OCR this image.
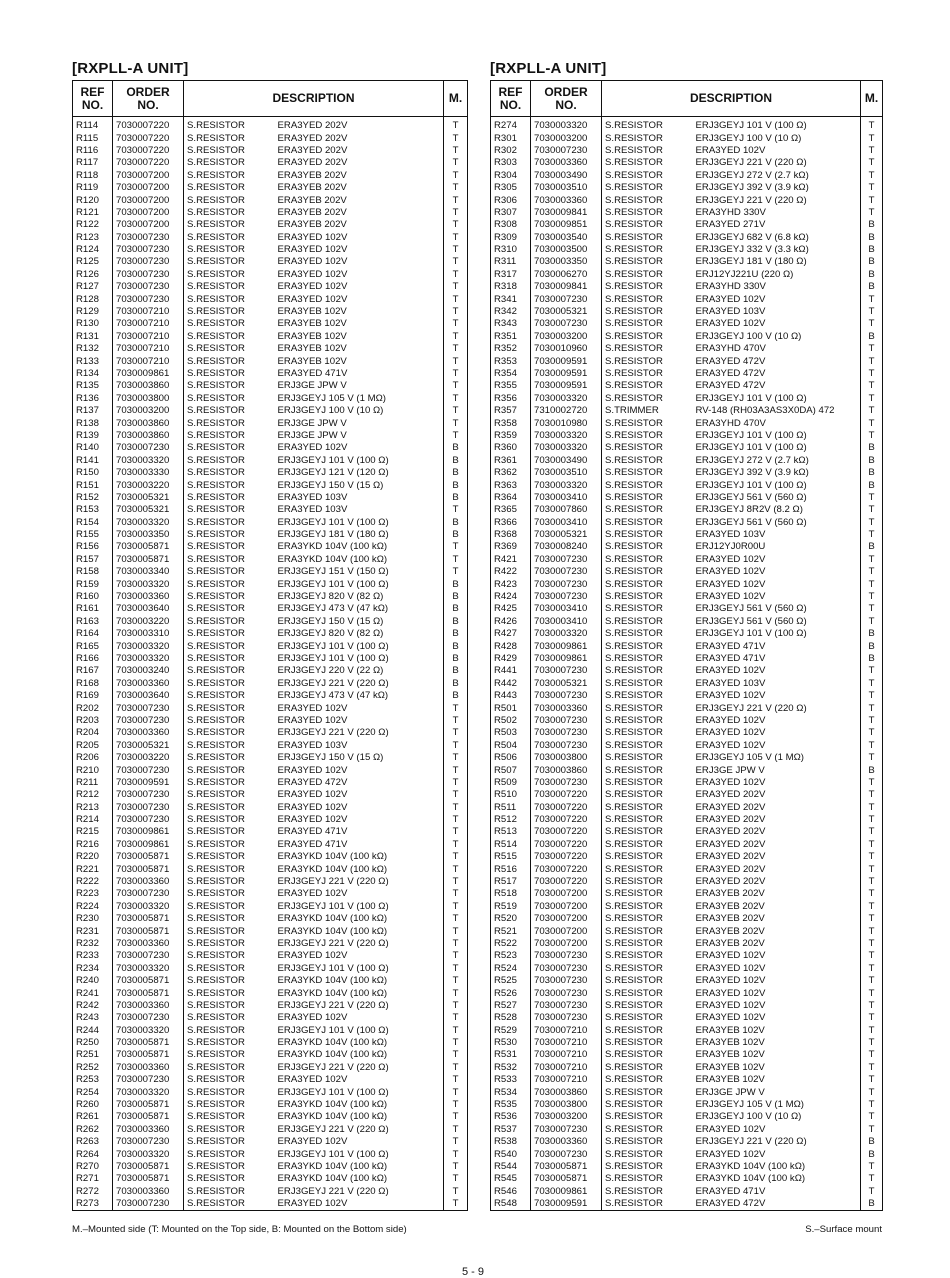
[RXPLL-A UNIT]	[RXPLL-A UNIT]
REF
NO.	ORDER
NO.	DESCRIPTION		M.
R114	7030007220	S.RESISTOR	ERA3YED 202V	T
R115	7030007220	S.RESISTOR	ERA3YED 202V	T
R116	7030007220	S.RESISTOR	ERA3YED 202V	T
R117	7030007220	S.RESISTOR	ERA3YED 202V	T
R118	7030007200	S.RESISTOR	ERA3YEB 202V	T
R119	7030007200	S.RESISTOR	ERA3YEB 202V	T
R120	7030007200	S.RESISTOR	ERA3YEB 202V	T
R121	7030007200	S.RESISTOR	ERA3YEB 202V	T
R122	7030007200	S.RESISTOR	ERA3YEB 202V	T
R123	7030007230	S.RESISTOR	ERA3YED 102V	T
R124	7030007230	S.RESISTOR	ERA3YED 102V	T
R125	7030007230	S.RESISTOR	ERA3YED 102V	T
R126	7030007230	S.RESISTOR	ERA3YED 102V	T
R127	7030007230	S.RESISTOR	ERA3YED 102V	T
R128	7030007230	S.RESISTOR	ERA3YED 102V	T
R129	7030007210	S.RESISTOR	ERA3YEB 102V	T
R130	7030007210	S.RESISTOR	ERA3YEB 102V	T
R131	7030007210	S.RESISTOR	ERA3YEB 102V	T
R132	7030007210	S.RESISTOR	ERA3YEB 102V	T
R133	7030007210	S.RESISTOR	ERA3YEB 102V	T
R134	7030009861	S.RESISTOR	ERA3YED 471V	T
R135	7030003860	S.RESISTOR	ERJ3GE JPW V	T
R136	7030003800	S.RESISTOR	ERJ3GEYJ 105 V (1 MΩ)	T
R137	7030003200	S.RESISTOR	ERJ3GEYJ 100 V (10 Ω)	T
R138	7030003860	S.RESISTOR	ERJ3GE JPW V	T
R139	7030003860	S.RESISTOR	ERJ3GE JPW V	T
R140	7030007230	S.RESISTOR	ERA3YED 102V	B
R141	7030003320	S.RESISTOR	ERJ3GEYJ 101 V (100 Ω)	B
R150	7030003330	S.RESISTOR	ERJ3GEYJ 121 V (120 Ω)	B
R151	7030003220	S.RESISTOR	ERJ3GEYJ 150 V (15 Ω)	B
R152	7030005321	S.RESISTOR	ERA3YED 103V	B
R153	7030005321	S.RESISTOR	ERA3YED 103V	T
R154	7030003320	S.RESISTOR	ERJ3GEYJ 101 V (100 Ω)	B
R155	7030003350	S.RESISTOR	ERJ3GEYJ 181 V (180 Ω)	B
R156	7030005871	S.RESISTOR	ERA3YKD 104V (100 kΩ)	T
R157	7030005871	S.RESISTOR	ERA3YKD 104V (100 kΩ)	T
R158	7030003340	S.RESISTOR	ERJ3GEYJ 151 V (150 Ω)	T
R159	7030003320	S.RESISTOR	ERJ3GEYJ 101 V (100 Ω)	B
R160	7030003360	S.RESISTOR	ERJ3GEYJ 820 V (82 Ω)	B
R161	7030003640	S.RESISTOR	ERJ3GEYJ 473 V (47 kΩ)	B
R163	7030003220	S.RESISTOR	ERJ3GEYJ 150 V (15 Ω)	B
R164	7030003310	S.RESISTOR	ERJ3GEYJ 820 V (82 Ω)	B
R165	7030003320	S.RESISTOR	ERJ3GEYJ 101 V (100 Ω)	B
R166	7030003320	S.RESISTOR	ERJ3GEYJ 101 V (100 Ω)	B
R167	7030003240	S.RESISTOR	ERJ3GEYJ 220 V (22 Ω)	B
R168	7030003360	S.RESISTOR	ERJ3GEYJ 221 V (220 Ω)	B
R169	7030003640	S.RESISTOR	ERJ3GEYJ 473 V (47 kΩ)	B
R202	7030007230	S.RESISTOR	ERA3YED 102V	T
R203	7030007230	S.RESISTOR	ERA3YED 102V	T
R204	7030003360	S.RESISTOR	ERJ3GEYJ 221 V (220 Ω)	T
R205	7030005321	S.RESISTOR	ERA3YED 103V	T
R206	7030003220	S.RESISTOR	ERJ3GEYJ 150 V (15 Ω)	T
R210	7030007230	S.RESISTOR	ERA3YED 102V	T
R211	7030009591	S.RESISTOR	ERA3YED 472V	T
R212	7030007230	S.RESISTOR	ERA3YED 102V	T
R213	7030007230	S.RESISTOR	ERA3YED 102V	T
R214	7030007230	S.RESISTOR	ERA3YED 102V	T
R215	7030009861	S.RESISTOR	ERA3YED 471V	T
R216	7030009861	S.RESISTOR	ERA3YED 471V	T
R220	7030005871	S.RESISTOR	ERA3YKD 104V (100 kΩ)	T
R221	7030005871	S.RESISTOR	ERA3YKD 104V (100 kΩ)	T
R222	7030003360	S.RESISTOR	ERJ3GEYJ 221 V (220 Ω)	T
R223	7030007230	S.RESISTOR	ERA3YED 102V	T
R224	7030003320	S.RESISTOR	ERJ3GEYJ 101 V (100 Ω)	T
R230	7030005871	S.RESISTOR	ERA3YKD 104V (100 kΩ)	T
R231	7030005871	S.RESISTOR	ERA3YKD 104V (100 kΩ)	T
R232	7030003360	S.RESISTOR	ERJ3GEYJ 221 V (220 Ω)	T
R233	7030007230	S.RESISTOR	ERA3YED 102V	T
R234	7030003320	S.RESISTOR	ERJ3GEYJ 101 V (100 Ω)	T
R240	7030005871	S.RESISTOR	ERA3YKD 104V (100 kΩ)	T
R241	7030005871	S.RESISTOR	ERA3YKD 104V (100 kΩ)	T
R242	7030003360	S.RESISTOR	ERJ3GEYJ 221 V (220 Ω)	T
R243	7030007230	S.RESISTOR	ERA3YED 102V	T
R244	7030003320	S.RESISTOR	ERJ3GEYJ 101 V (100 Ω)	T
R250	7030005871	S.RESISTOR	ERA3YKD 104V (100 kΩ)	T
R251	7030005871	S.RESISTOR	ERA3YKD 104V (100 kΩ)	T
R252	7030003360	S.RESISTOR	ERJ3GEYJ 221 V (220 Ω)	T
R253	7030007230	S.RESISTOR	ERA3YED 102V	T
R254	7030003320	S.RESISTOR	ERJ3GEYJ 101 V (100 Ω)	T
R260	7030005871	S.RESISTOR	ERA3YKD 104V (100 kΩ)	T
R261	7030005871	S.RESISTOR	ERA3YKD 104V (100 kΩ)	T
R262	7030003360	S.RESISTOR	ERJ3GEYJ 221 V (220 Ω)	T
R263	7030007230	S.RESISTOR	ERA3YED 102V	T
R264	7030003320	S.RESISTOR	ERJ3GEYJ 101 V (100 Ω)	T
R270	7030005871	S.RESISTOR	ERA3YKD 104V (100 kΩ)	T
R271	7030005871	S.RESISTOR	ERA3YKD 104V (100 kΩ)	T
R272	7030003360	S.RESISTOR	ERJ3GEYJ 221 V (220 Ω)	T
R273	7030007230	S.RESISTOR	ERA3YED 102V	T
REF
NO.	ORDER
NO.	DESCRIPTION		M.
R274	7030003320	S.RESISTOR	ERJ3GEYJ 101 V (100 Ω)	T
R301	7030003200	S.RESISTOR	ERJ3GEYJ 100 V (10 Ω)	T
R302	7030007230	S.RESISTOR	ERA3YED 102V	T
R303	7030003360	S.RESISTOR	ERJ3GEYJ 221 V (220 Ω)	T
R304	7030003490	S.RESISTOR	ERJ3GEYJ 272 V (2.7 kΩ)	T
R305	7030003510	S.RESISTOR	ERJ3GEYJ 392 V (3.9 kΩ)	T
R306	7030003360	S.RESISTOR	ERJ3GEYJ 221 V (220 Ω)	T
R307	7030009841	S.RESISTOR	ERA3YHD 330V	T
R308	7030009851	S.RESISTOR	ERA3YED 271V	B
R309	7030003540	S.RESISTOR	ERJ3GEYJ 682 V (6.8 kΩ)	B
R310	7030003500	S.RESISTOR	ERJ3GEYJ 332 V (3.3 kΩ)	B
R311	7030003350	S.RESISTOR	ERJ3GEYJ 181 V (180 Ω)	B
R317	7030006270	S.RESISTOR	ERJ12YJ221U (220 Ω)	B
R318	7030009841	S.RESISTOR	ERA3YHD 330V	B
R341	7030007230	S.RESISTOR	ERA3YED 102V	T
R342	7030005321	S.RESISTOR	ERA3YED 103V	T
R343	7030007230	S.RESISTOR	ERA3YED 102V	T
R351	7030003200	S.RESISTOR	ERJ3GEYJ 100 V (10 Ω)	B
R352	7030010960	S.RESISTOR	ERA3YHD 470V	T
R353	7030009591	S.RESISTOR	ERA3YED 472V	T
R354	7030009591	S.RESISTOR	ERA3YED 472V	T
R355	7030009591	S.RESISTOR	ERA3YED 472V	T
R356	7030003320	S.RESISTOR	ERJ3GEYJ 101 V (100 Ω)	T
R357	7310002720	S.TRIMMER	RV-148 (RH03A3AS3X0DA) 472	T
R358	7030010980	S.RESISTOR	ERA3YHD 470V	T
R359	7030003320	S.RESISTOR	ERJ3GEYJ 101 V (100 Ω)	T
R360	7030003320	S.RESISTOR	ERJ3GEYJ 101 V (100 Ω)	B
R361	7030003490	S.RESISTOR	ERJ3GEYJ 272 V (2.7 kΩ)	B
R362	7030003510	S.RESISTOR	ERJ3GEYJ 392 V (3.9 kΩ)	B
R363	7030003320	S.RESISTOR	ERJ3GEYJ 101 V (100 Ω)	B
R364	7030003410	S.RESISTOR	ERJ3GEYJ 561 V (560 Ω)	T
R365	7030007860	S.RESISTOR	ERJ3GEYJ 8R2V (8.2 Ω)	T
R366	7030003410	S.RESISTOR	ERJ3GEYJ 561 V (560 Ω)	T
R368	7030005321	S.RESISTOR	ERA3YED 103V	T
R369	7030008240	S.RESISTOR	ERJ12YJ0R00U	B
R421	7030007230	S.RESISTOR	ERA3YED 102V	T
R422	7030007230	S.RESISTOR	ERA3YED 102V	T
R423	7030007230	S.RESISTOR	ERA3YED 102V	T
R424	7030007230	S.RESISTOR	ERA3YED 102V	T
R425	7030003410	S.RESISTOR	ERJ3GEYJ 561 V (560 Ω)	T
R426	7030003410	S.RESISTOR	ERJ3GEYJ 561 V (560 Ω)	T
R427	7030003320	S.RESISTOR	ERJ3GEYJ 101 V (100 Ω)	B
R428	7030009861	S.RESISTOR	ERA3YED 471V	B
R429	7030009861	S.RESISTOR	ERA3YED 471V	B
R441	7030007230	S.RESISTOR	ERA3YED 102V	T
R442	7030005321	S.RESISTOR	ERA3YED 103V	T
R443	7030007230	S.RESISTOR	ERA3YED 102V	T
R501	7030003360	S.RESISTOR	ERJ3GEYJ 221 V (220 Ω)	T
R502	7030007230	S.RESISTOR	ERA3YED 102V	T
R503	7030007230	S.RESISTOR	ERA3YED 102V	T
R504	7030007230	S.RESISTOR	ERA3YED 102V	T
R506	7030003800	S.RESISTOR	ERJ3GEYJ 105 V (1 MΩ)	T
R507	7030003860	S.RESISTOR	ERJ3GE JPW V	B
R509	7030007230	S.RESISTOR	ERA3YED 102V	T
R510	7030007220	S.RESISTOR	ERA3YED 202V	T
R511	7030007220	S.RESISTOR	ERA3YED 202V	T
R512	7030007220	S.RESISTOR	ERA3YED 202V	T
R513	7030007220	S.RESISTOR	ERA3YED 202V	T
R514	7030007220	S.RESISTOR	ERA3YED 202V	T
R515	7030007220	S.RESISTOR	ERA3YED 202V	T
R516	7030007220	S.RESISTOR	ERA3YED 202V	T
R517	7030007220	S.RESISTOR	ERA3YED 202V	T
R518	7030007200	S.RESISTOR	ERA3YEB 202V	T
R519	7030007200	S.RESISTOR	ERA3YEB 202V	T
R520	7030007200	S.RESISTOR	ERA3YEB 202V	T
R521	7030007200	S.RESISTOR	ERA3YEB 202V	T
R522	7030007200	S.RESISTOR	ERA3YEB 202V	T
R523	7030007230	S.RESISTOR	ERA3YED 102V	T
R524	7030007230	S.RESISTOR	ERA3YED 102V	T
R525	7030007230	S.RESISTOR	ERA3YED 102V	T
R526	7030007230	S.RESISTOR	ERA3YED 102V	T
R527	7030007230	S.RESISTOR	ERA3YED 102V	T
R528	7030007230	S.RESISTOR	ERA3YED 102V	T
R529	7030007210	S.RESISTOR	ERA3YEB 102V	T
R530	7030007210	S.RESISTOR	ERA3YEB 102V	T
R531	7030007210	S.RESISTOR	ERA3YEB 102V	T
R532	7030007210	S.RESISTOR	ERA3YEB 102V	T
R533	7030007210	S.RESISTOR	ERA3YEB 102V	T
R534	7030003860	S.RESISTOR	ERJ3GE JPW V	T
R535	7030003800	S.RESISTOR	ERJ3GEYJ 105 V (1 MΩ)	T
R536	7030003200	S.RESISTOR	ERJ3GEYJ 100 V (10 Ω)	T
R537	7030007230	S.RESISTOR	ERA3YED 102V	T
R538	7030003360	S.RESISTOR	ERJ3GEYJ 221 V (220 Ω)	B
R540	7030007230	S.RESISTOR	ERA3YED 102V	B
R544	7030005871	S.RESISTOR	ERA3YKD 104V (100 kΩ)	T
R545	7030005871	S.RESISTOR	ERA3YKD 104V (100 kΩ)	T
R546	7030009861	S.RESISTOR	ERA3YED 471V	T
R548	7030009591	S.RESISTOR	ERA3YED 472V	B
M.–Mounted side (T: Mounted on the Top side, B: Mounted on the Bottom side)	S.–Surface mount
5 - 9
